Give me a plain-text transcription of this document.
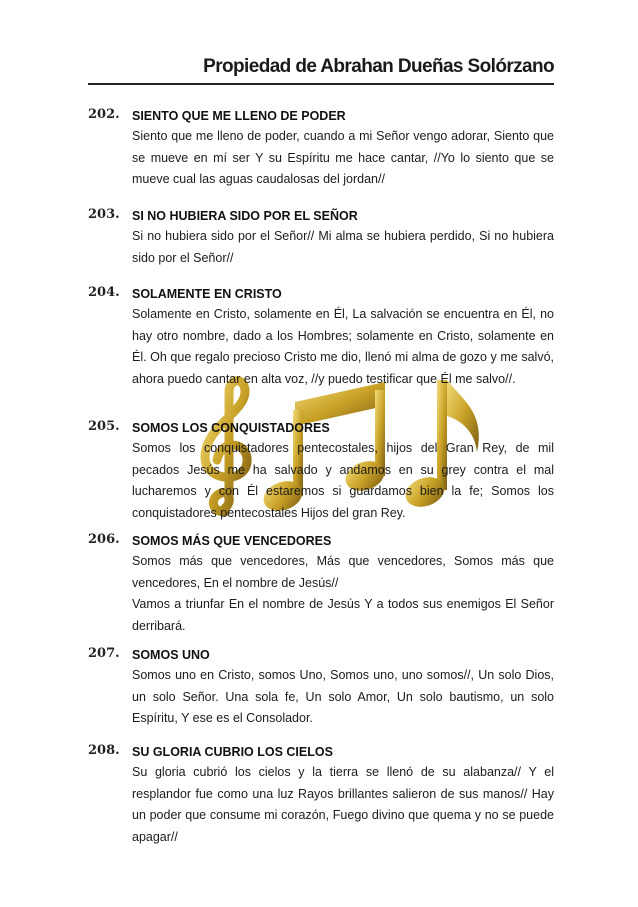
Propiedad de Abrahan Dueñas Solórzano
202. SIENTO QUE ME LLENO DE PODER

Siento que me lleno de poder, cuando a mi Señor vengo adorar, Siento que se mueve en mí ser Y su Espíritu me hace cantar, //Yo lo siento que se mueve cual las aguas caudalosas del jordan//

203. SI NO HUBIERA SIDO POR EL SEÑOR

Si no hubiera sido por el Señor// Mi alma se hubiera perdido, Si no hubiera sido por el Señor//

204. SOLAMENTE EN CRISTO

Solamente en Cristo, solamente en Él, La salvación se encuentra en Él, no hay otro nombre, dado a los Hombres; solamente en Cristo, solamente en Él. Oh que regalo precioso Cristo me dio, llenó mi alma de gozo y me salvó, ahora puedo cantar en alta voz, //y puedo testificar que Él me salvo//.

205. SOMOS LOS CONQUISTADORES

Somos los conquistadores pentecostales, hijos del Gran Rey, de mil pecados Jesús me ha salvado y andamos en su grey contra el mal lucharemos y con Él estaremos si guardamos bien la fe; Somos los conquistadores pentecostales Hijos del gran Rey.

206. SOMOS MÁS QUE VENCEDORES

Somos más que vencedores, Más que vencedores, Somos más que vencedores, En el nombre de Jesús//

Vamos a triunfar En el nombre de Jesús Y a todos sus enemigos El Señor derribará.

207. SOMOS UNO

Somos uno en Cristo, somos Uno, Somos uno, uno somos//, Un solo Dios, un solo Señor. Una sola fe, Un solo Amor, Un solo bautismo, un solo Espíritu, Y ese es el Consolador.

208. SU GLORIA CUBRIO LOS CIELOS

Su gloria cubrió los cielos y la tierra se llenó de su alabanza// Y el resplandor fue como una luz Rayos brillantes salieron de sus manos// Hay un poder que consume mi corazón, Fuego divino que quema y no se puede apagar//
